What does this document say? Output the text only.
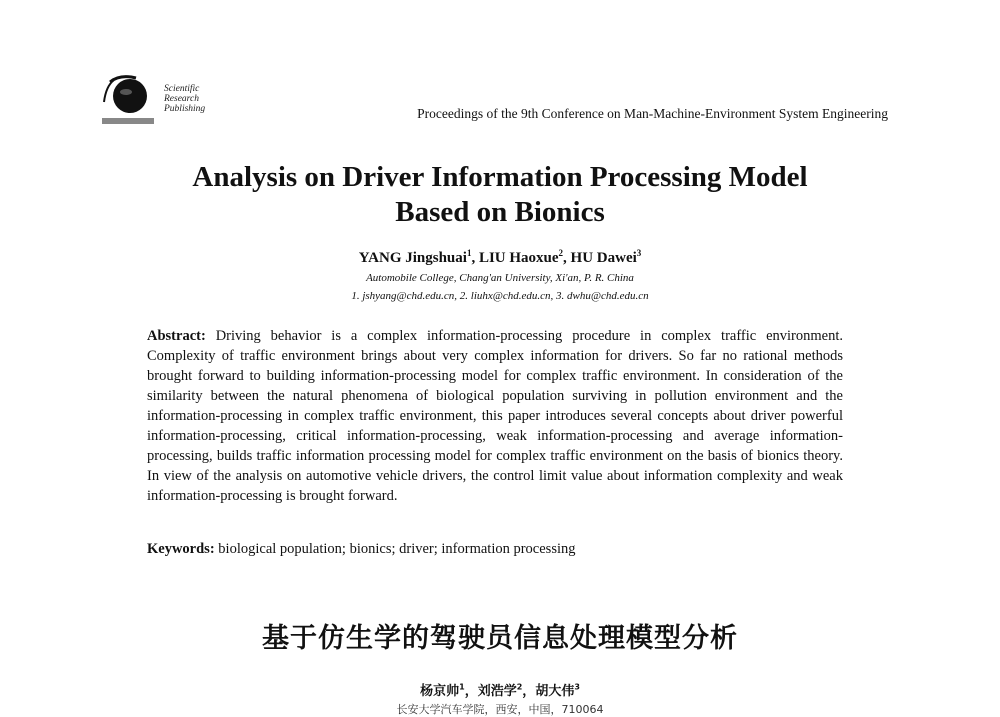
Scientific
Research
Publishing	Proceedings of the 9th Conference on Man-Machine-Environment System Engineering
Analysis on Driver Information Processing Model
Based on Bionics
YANG Jingshuai$^1$, LIU Haoxue$^2$, HU Dawei$^3$
Automobile College, Chang'an University, Xi'an, P. R. China
1. jshyang@chd.edu.cn, 2. liuhx@chd.edu.cn, 3. dwhu@chd.edu.cn
Abstract: Driving behavior is a complex information-processing procedure in complex traffic environment. Complexity of traffic environment brings about very complex information for drivers. So far no rational methods brought forward to building information-processing model for complex traffic environment. In consideration of the similarity between the natural phenomena of biological population surviving in pollution environment and the information-processing in complex traffic environment, this paper introduces several concepts about driver powerful information-processing, critical information-processing, weak information-processing and average information-processing, builds traffic information processing model for complex traffic environment on the basis of bionics theory. In view of the analysis on automotive vehicle drivers, the control limit value about information complexity and weak information-processing is brought forward.
Keywords: biological population; bionics; driver; information processing
基于仿生学的驾驶员信息处理模型分析
杨京帅$^1$，刘浩学$^2$，胡大伟$^3$
长安大学汽车学院，西安，中国，710064
